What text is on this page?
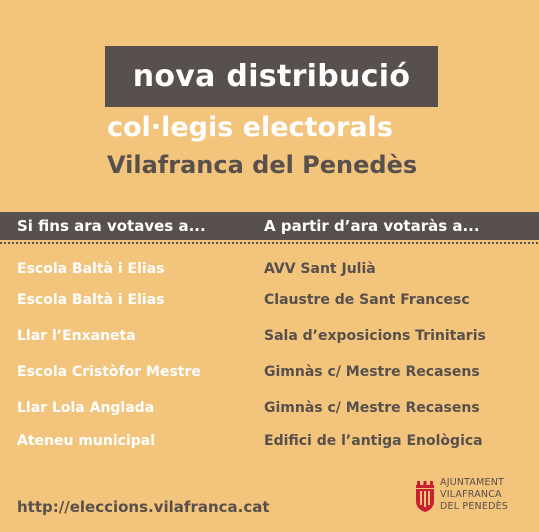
nova distribució
col·legis electorals
Vilafranca del Penedès
Si fins ara votaves a...	A partir d’ara votaràs a...
Escola Baltà i Elias	AVV Sant Julià
Escola Baltà i Elias	Claustre de Sant Francesc
Llar l’Enxaneta	Sala d’exposicions Trinitaris
Escola Cristòfor Mestre	Gimnàs c/ Mestre Recasens
Llar Lola Anglada	Gimnàs c/ Mestre Recasens
Ateneu municipal	Edifici de l’antiga Enològica
http://eleccions.vilafranca.cat
AJUNTAMENT
VILAFRANCA
DEL PENEDÈS
